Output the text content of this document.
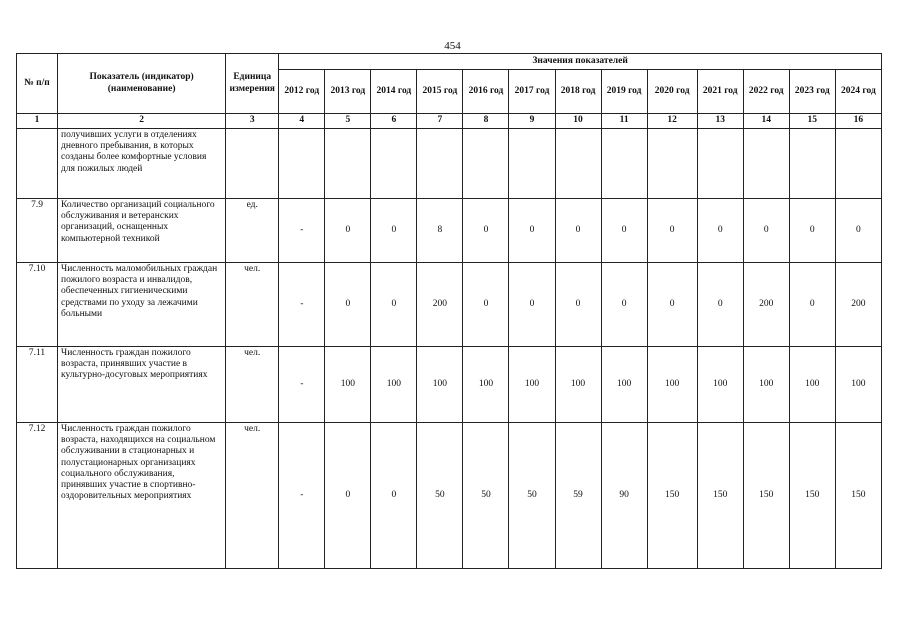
454
№ п/п	Показатель (индикатор) (наименование)	Единица измерения	Значения показателей												
			2012 год	2013 год	2014 год	2015 год	2016 год	2017 год	2018 год	2019 год	2020 год	2021 год	2022 год	2023 год	2024 год
1	2	3	4	5	6	7	8	9	10	11	12	13	14	15	16
	получивших услуги в отделениях дневного пребывания, в которых созданы более комфортные условия для пожилых людей														
7.9	Количество организаций социального обслуживания и ветеранских организаций, оснащенных компьютерной техникой	ед.	-	0	0	8	0	0	0	0	0	0	0	0	0
7.10	Численность маломобильных граждан пожилого возраста и инвалидов, обеспеченных гигиеническими средствами по уходу за лежачими больными	чел.	-	0	0	200	0	0	0	0	0	0	200	0	200
7.11	Численность граждан пожилого возраста, принявших участие в культурно-досуговых мероприятиях	чел.	-	100	100	100	100	100	100	100	100	100	100	100	100
7.12	Численность граждан пожилого возраста, находящихся на социальном обслуживании в стационарных и полустационарных организациях социального обслуживания, принявших участие в спортивно-оздоровительных мероприятиях	чел.	-	0	0	50	50	50	59	90	150	150	150	150	150
